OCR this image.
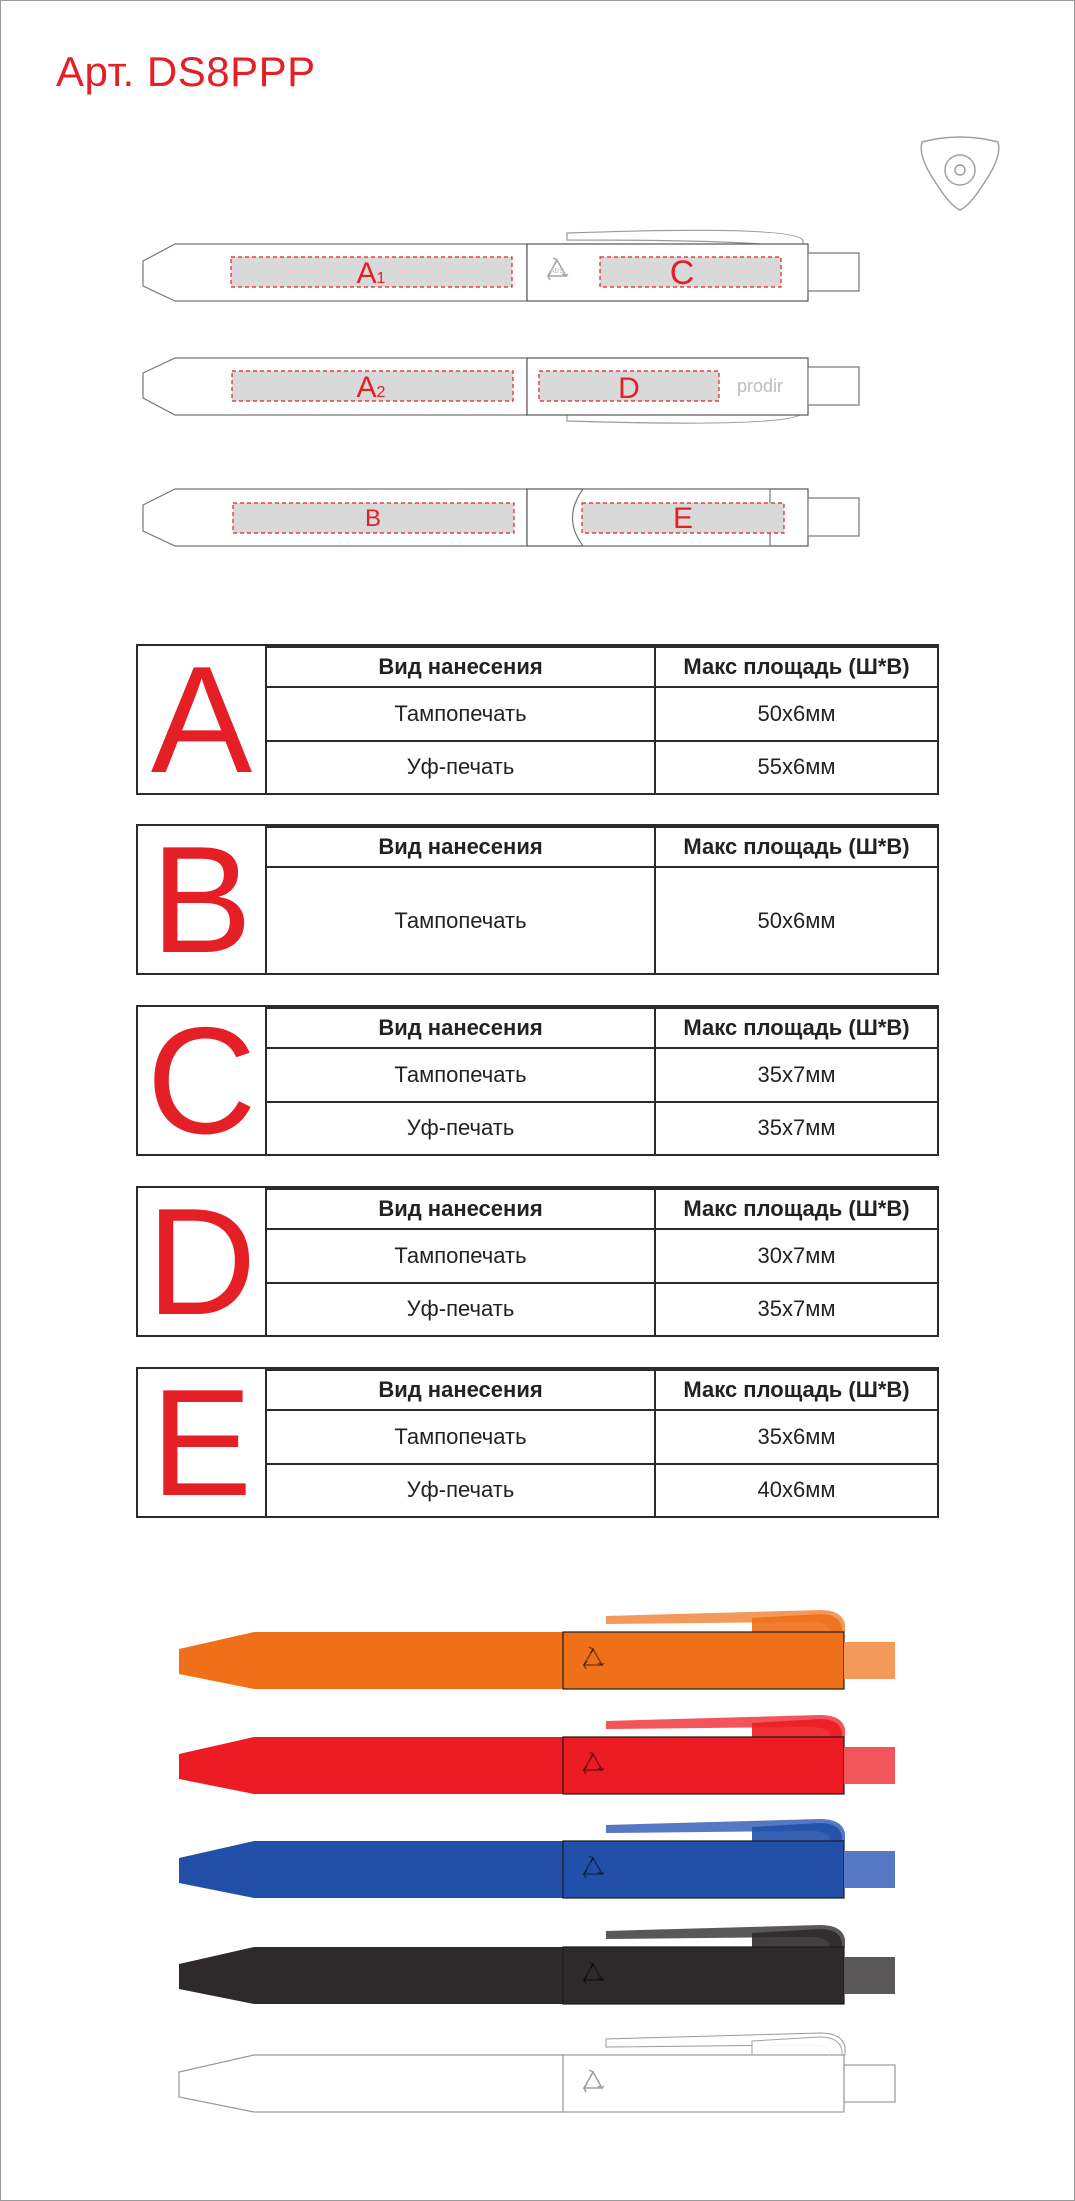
Арт. DS8PPP
ABS
A1	C
A2	D	prodir
B	E
A	Вид нанесения	Макс площадь (Ш*В)
Тампопечать	50х6мм
Уф-печать	55х6мм
B	Вид нанесения	Макс площадь (Ш*В)
Тампопечать	50х6мм
C	Вид нанесения	Макс площадь (Ш*В)
Тампопечать	35х7мм
Уф-печать	35х7мм
D	Вид нанесения	Макс площадь (Ш*В)
Тампопечать	30х7мм
Уф-печать	35х7мм
E	Вид нанесения	Макс площадь (Ш*В)
Тампопечать	35х6мм
Уф-печать	40х6мм
